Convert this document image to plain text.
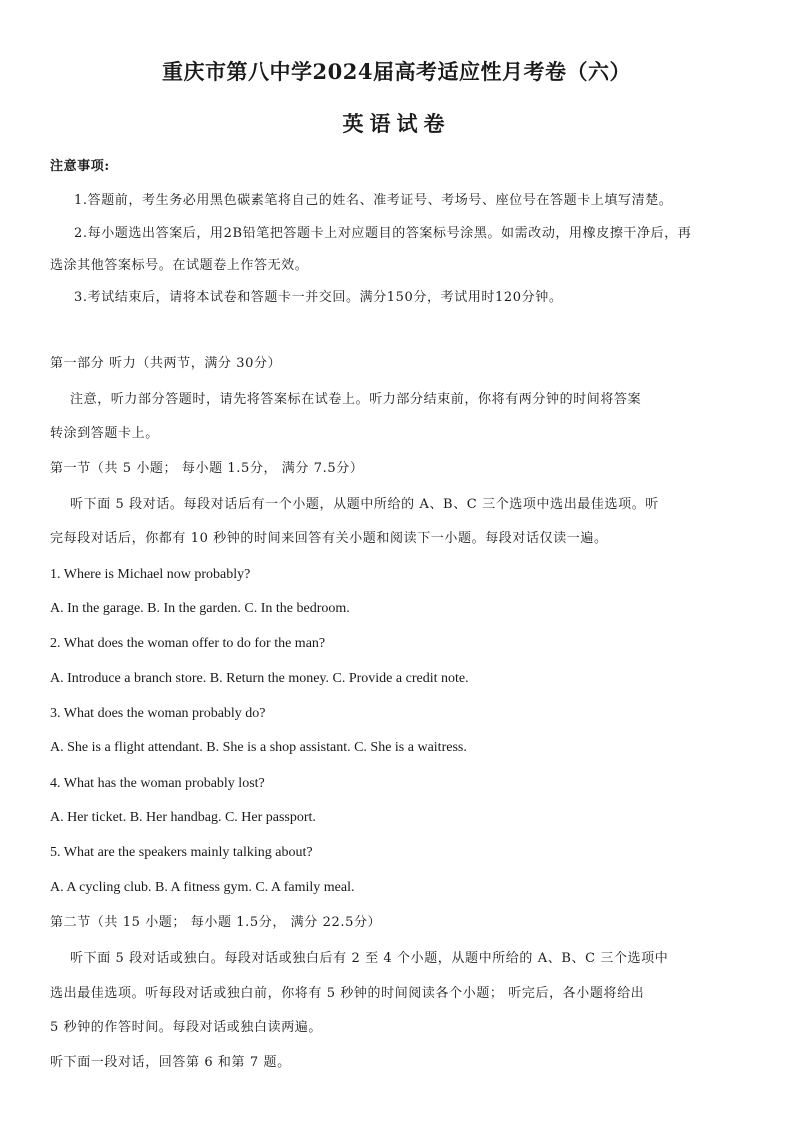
重庆市第八中学2024届高考适应性月考卷（六）
英语试卷
注意事项:
1.答题前，考生务必用黑色碳素笔将自己的姓名、准考证号、考场号、座位号在答题卡上填写清楚。
2.每小题选出答案后，用2B铅笔把答题卡上对应题目的答案标号涂黑。如需改动，用橡皮擦干净后，再
选涂其他答案标号。在试题卷上作答无效。
3.考试结束后，请将本试卷和答题卡一并交回。满分150分，考试用时120分钟。
第一部分 听力（共两节，满分 30分）
注意，听力部分答题时，请先将答案标在试卷上。听力部分结束前，你将有两分钟的时间将答案
转涂到答题卡上。
第一节（共 5 小题； 每小题 1.5分， 满分 7.5分）
听下面 5 段对话。每段对话后有一个小题，从题中所给的 A、B、C 三个选项中选出最佳选项。听
完每段对话后，你都有 10 秒钟的时间来回答有关小题和阅读下一小题。每段对话仅读一遍。
1. Where is Michael now probably?
A. In the garage. B. In the garden. C. In the bedroom.
2. What does the woman offer to do for the man?
A. Introduce a branch store. B. Return the money. C. Provide a credit note.
3. What does the woman probably do?
A. She is a flight attendant. B. She is a shop assistant. C. She is a waitress.
4. What has the woman probably lost?
A. Her ticket. B. Her handbag. C. Her passport.
5. What are the speakers mainly talking about?
A. A cycling club. B. A fitness gym. C. A family meal.
第二节（共 15 小题； 每小题 1.5分， 满分 22.5分）
听下面 5 段对话或独白。每段对话或独白后有 2 至 4 个小题，从题中所给的 A、B、C 三个选项中
选出最佳选项。听每段对话或独白前，你将有 5 秒钟的时间阅读各个小题； 听完后，各小题将给出
5 秒钟的作答时间。每段对话或独白读两遍。
听下面一段对话，回答第 6 和第 7 题。
